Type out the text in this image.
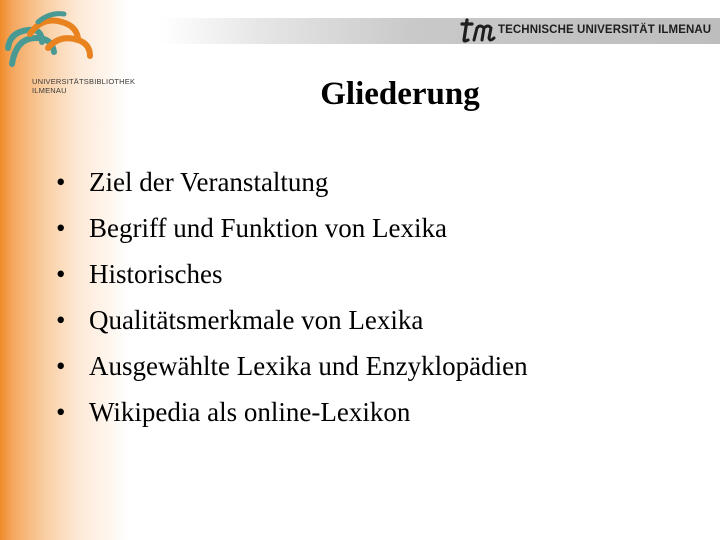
UNIVERSITÄTSBIBLIOTHEK
ILMENAU
TECHNISCHE UNIVERSITÄT ILMENAU
Gliederung
• Ziel der Veranstaltung
• Begriff und Funktion von Lexika
• Historisches
• Qualitätsmerkmale von Lexika
• Ausgewählte Lexika und Enzyklopädien
• Wikipedia als online-Lexikon
